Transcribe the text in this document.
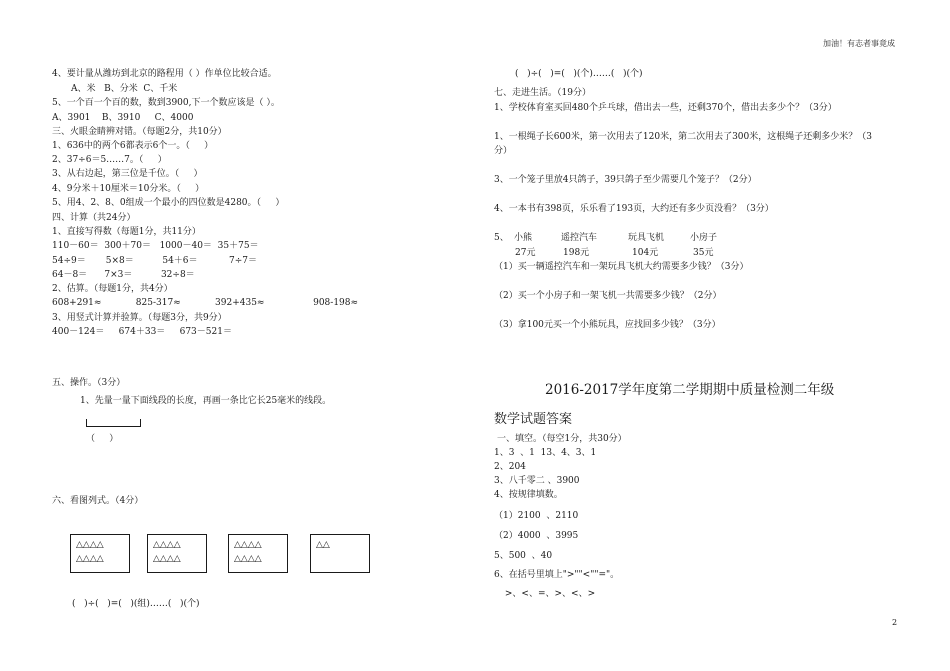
加油！有志者事竟成
4、要计量从潍坊到北京的路程用（ ）作单位比较合适。
A、米   B、分米  C、千米
5、一个百一个百的数，数到3900,下一个数应该是（ ）。
A、3901    B、3910     C、4000
三、火眼金睛辨对错。（每题2分，共10分）
1、636中的两个6都表示6个一。（     ）
2、37÷6＝5……7。（     ）
3、从右边起，第三位是千位。（     ）
4、9分米＋10厘米＝10分米。（     ）
5、用4、2、8、0组成一个最小的四位数是4280。（     ）
四、计算（共24分）
1、直接写得数（每题1分，共11分）
110－60＝  300＋70＝   1000－40＝  35＋75＝
54÷9＝       5×8＝          54＋6＝           7÷7＝
64－8＝      7×3＝          32÷8＝
2、估算。（每题1分，共4分）
608+291≈            825-317≈            392+435≈                 908-198≈
3、用竖式计算并验算。（每题3分，共9分）
400－124＝     674＋33＝     673－521＝
五、操作。（3分）
1、先量一量下面线段的长度，再画一条比它长25毫米的线段。
（     ）
六、看图列式。（4分）
△△△△
△△△△
△△△△
△△△△
△△△△
△△△△
△△
(   )÷(   )=(   )(组)……(   )(个)
(   )÷(   )=(   )(个)……(   )(个)
七、走进生活。（19分）
1、学校体育室买回480个乒乓球，借出去一些，还剩370个，借出去多少个？（3分）
1、一根绳子长600米，第一次用去了120米，第二次用去了300米，这根绳子还剩多少米？（3
分）
3、一个笼子里放4只鸽子，39只鸽子至少需要几个笼子？（2分）
4、一本书有398页，乐乐看了193页，大约还有多少页没看？（3分）
5、 小熊
27元
遥控汽车
198元
玩具飞机
104元
小房子
35元
（1）买一辆遥控汽车和一架玩具飞机大约需要多少钱？（3分）
（2）买一个小房子和一架飞机一共需要多少钱？（2分）
（3）拿100元买一个小熊玩具，应找回多少钱？（3分）
2016-2017学年度第二学期期中质量检测二年级
数学试题答案
一、填空。（每空1分，共30分）
1、3  、1  13、4、3、1
2、204
3、八千零二 、3900
4、按规律填数。
（1）2100  、2110
（2）4000  、3995
5、500  、40
6、在括号里填上">""<""="。
>、<、=、>、<、>
2
